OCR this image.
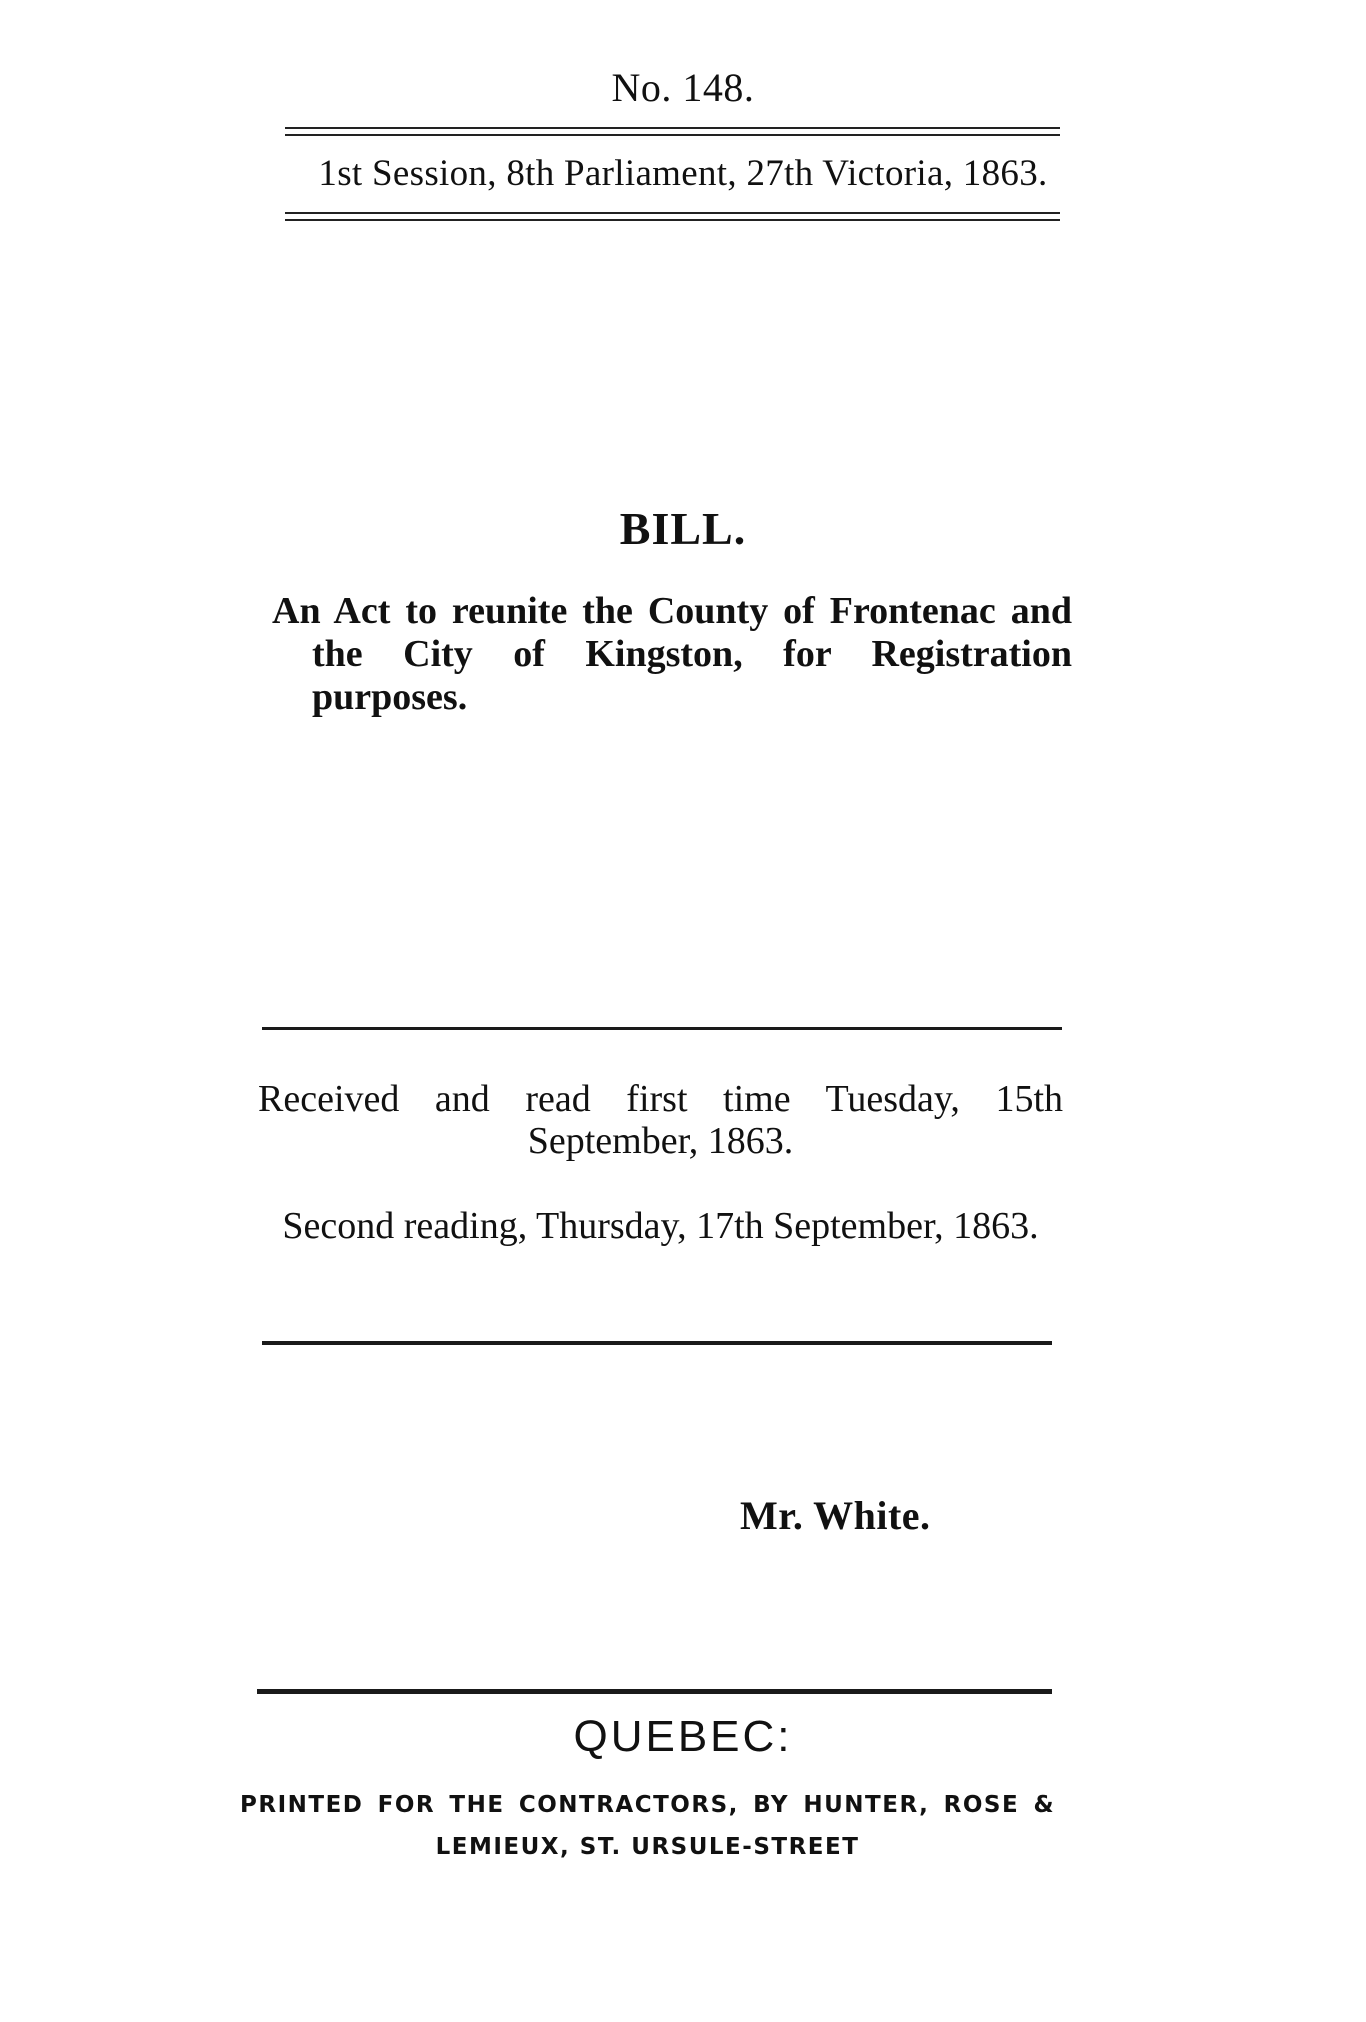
No. 148.
1st Session, 8th Parliament, 27th Victoria, 1863.
BILL.
An Act to reunite the County of Frontenac and the City of Kingston, for Registration purposes.
Received and read first time Tuesday, 15th September, 1863.
Second reading, Thursday, 17th September, 1863.
Mr. White.
QUEBEC:
PRINTED FOR THE CONTRACTORS, BY HUNTER, ROSE & LEMIEUX, ST. URSULE-STREET
